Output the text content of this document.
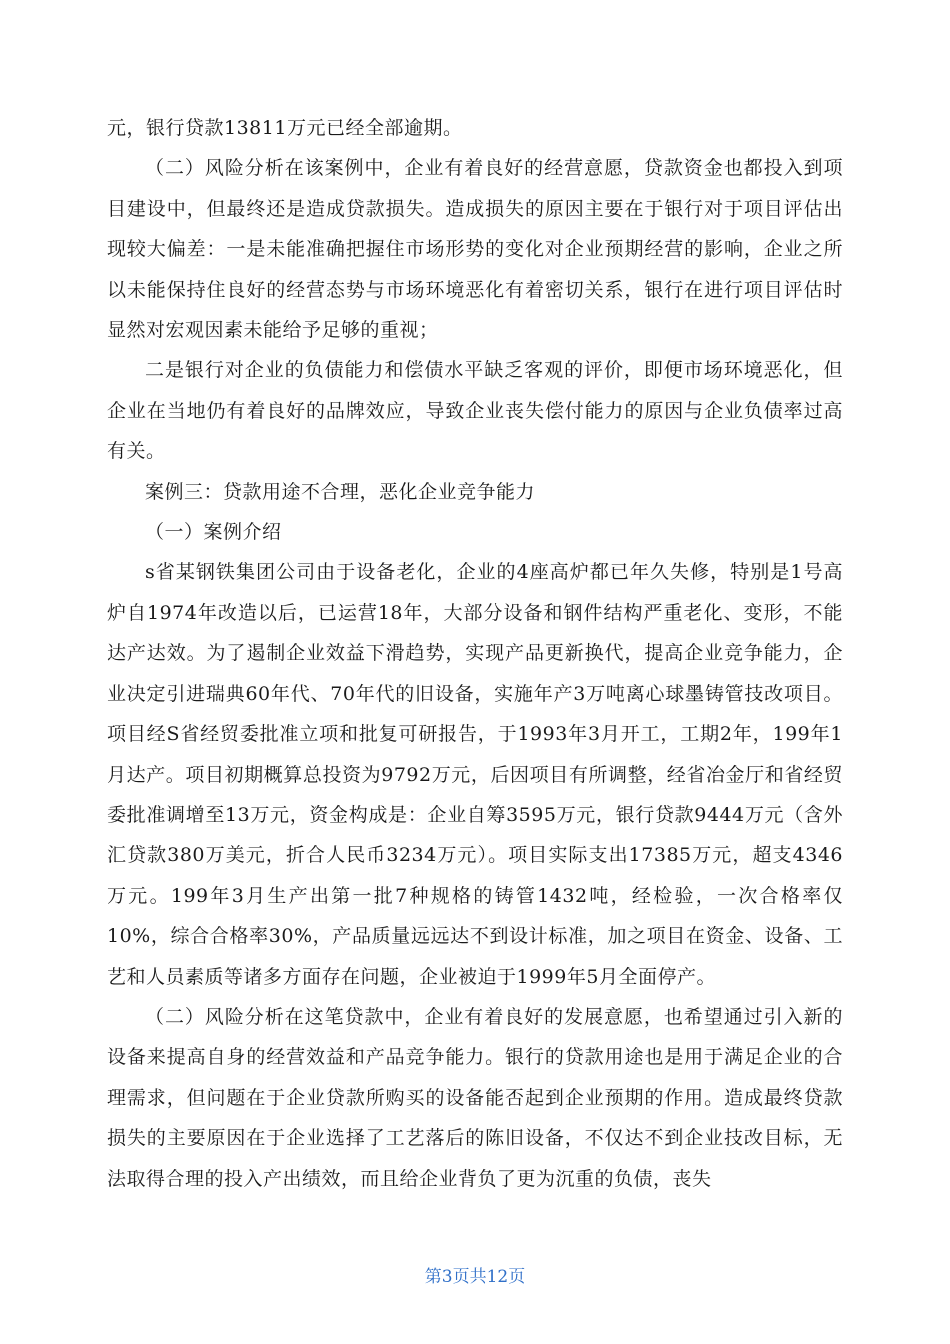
元，银行贷款13811万元已经全部逾期。

（二）风险分析在该案例中，企业有着良好的经营意愿，贷款资金也都投入到项目建设中，但最终还是造成贷款损失。造成损失的原因主要在于银行对于项目评估出现较大偏差：一是未能准确把握住市场形势的变化对企业预期经营的影响，企业之所以未能保持住良好的经营态势与市场环境恶化有着密切关系，银行在进行项目评估时显然对宏观因素未能给予足够的重视；

二是银行对企业的负债能力和偿债水平缺乏客观的评价，即便市场环境恶化，但企业在当地仍有着良好的品牌效应，导致企业丧失偿付能力的原因与企业负债率过高有关。

案例三：贷款用途不合理，恶化企业竞争能力

（一）案例介绍

s省某钢铁集团公司由于设备老化，企业的4座高炉都已年久失修，特别是1号高炉自1974年改造以后，已运营18年，大部分设备和钢件结构严重老化、变形，不能达产达效。为了遏制企业效益下滑趋势，实现产品更新换代，提高企业竞争能力，企业决定引进瑞典60年代、70年代的旧设备，实施年产3万吨离心球墨铸管技改项目。项目经S省经贸委批准立项和批复可研报告，于1993年3月开工，工期2年，199年1月达产。项目初期概算总投资为9792万元，后因项目有所调整，经省冶金厅和省经贸委批准调增至13万元，资金构成是：企业自筹3595万元，银行贷款9444万元（含外汇贷款380万美元，折合人民币3234万元）。项目实际支出17385万元，超支4346万元。199年3月生产出第一批7种规格的铸管1432吨，经检验，一次合格率仅10%，综合合格率30%，产品质量远远达不到设计标准，加之项目在资金、设备、工艺和人员素质等诸多方面存在问题，企业被迫于1999年5月全面停产。

（二）风险分析在这笔贷款中，企业有着良好的发展意愿，也希望通过引入新的设备来提高自身的经营效益和产品竞争能力。银行的贷款用途也是用于满足企业的合理需求，但问题在于企业贷款所购买的设备能否起到企业预期的作用。造成最终贷款损失的主要原因在于企业选择了工艺落后的陈旧设备，不仅达不到企业技改目标，无法取得合理的投入产出绩效，而且给企业背负了更为沉重的负债，丧失

第3页共12页
